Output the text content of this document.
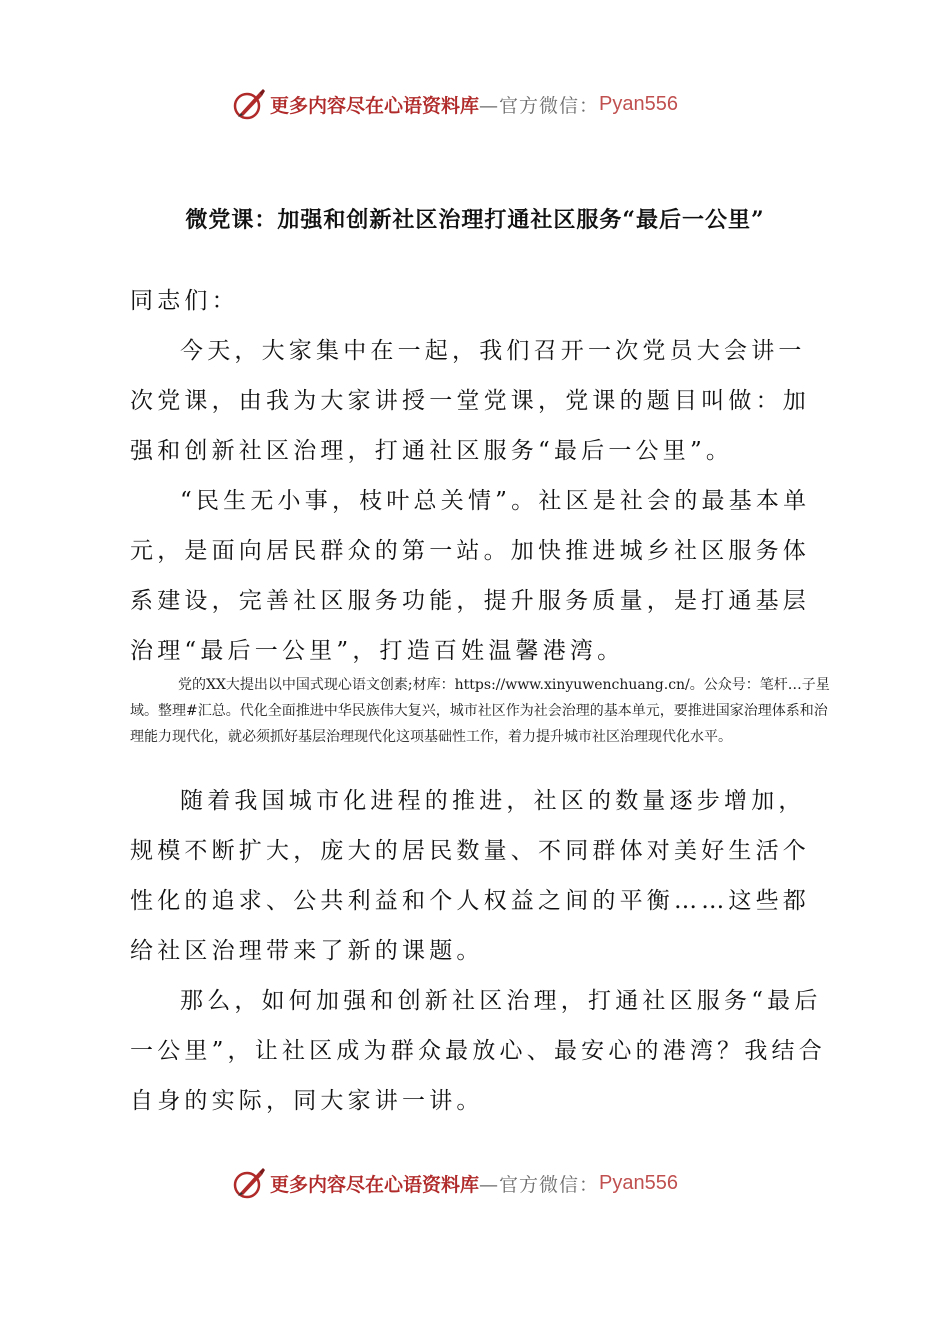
更多内容尽在心语资料库 —官方微信： Pyan556
微党课：加强和创新社区治理打通社区服务“最后一公里”

同志们：

今天，大家集中在一起，我们召开一次党员大会讲一次党课，由我为大家讲授一堂党课，党课的题目叫做：加强和创新社区治理，打通社区服务“最后一公里”。

“民生无小事，枝叶总关情”。社区是社会的最基本单元，是面向居民群众的第一站。加快推进城乡社区服务体系建设，完善社区服务功能，提升服务质量，是打通基层治理“最后一公里”，打造百姓温馨港湾。

党的XX大提出以中国式现心语文创素;材库：https://www.xinyuwenchuang.cn/。公众号：笔杆…子星域。整理#汇总。代化全面推进中华民族伟大复兴，城市社区作为社会治理的基本单元，要推进国家治理体系和治理能力现代化，就必须抓好基层治理现代化这项基础性工作，着力提升城市社区治理现代化水平。

随着我国城市化进程的推进，社区的数量逐步增加，规模不断扩大，庞大的居民数量、不同群体对美好生活个性化的追求、公共利益和个人权益之间的平衡……这些都给社区治理带来了新的课题。

那么，如何加强和创新社区治理，打通社区服务“最后一公里”，让社区成为群众最放心、最安心的港湾？我结合自身的实际，同大家讲一讲。

更多内容尽在心语资料库 —官方微信： Pyan556
